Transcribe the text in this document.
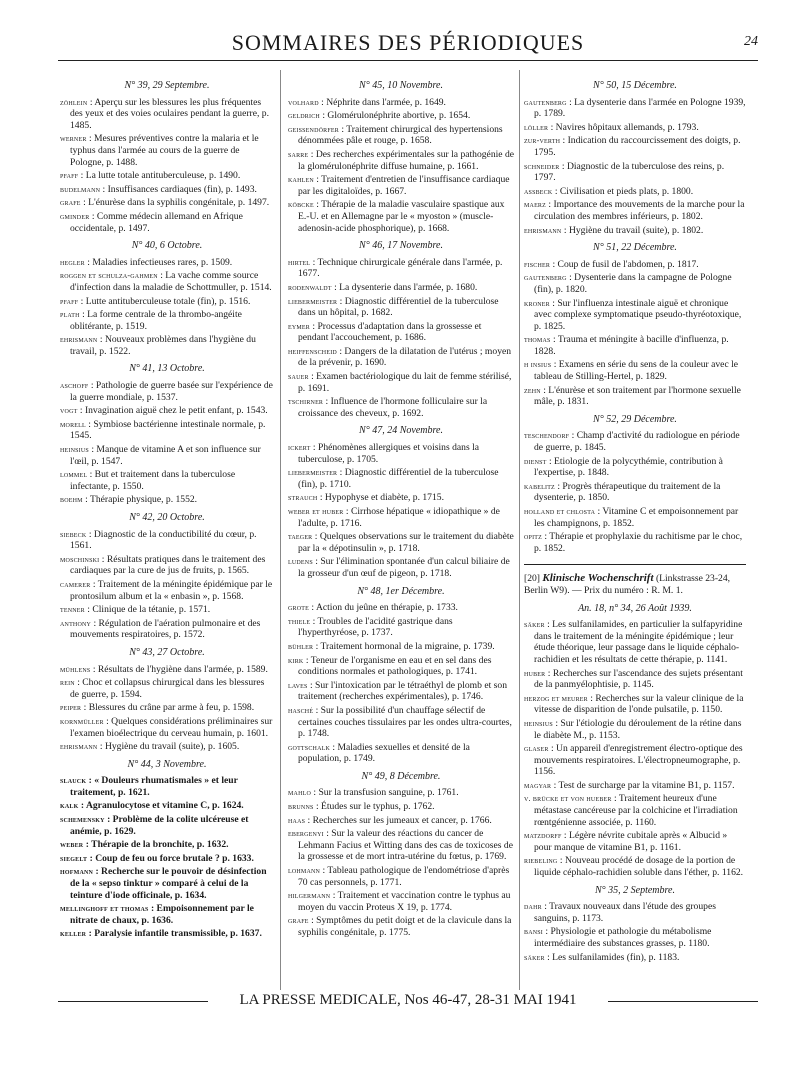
SOMMAIRES DES PÉRIODIQUES	24
N° 39, 29 Septembre.
zöhlein : Aperçu sur les blessures les plus fréquentes des yeux et des voies oculaires pendant la guerre, p. 1485.
werner : Mesures préventives contre la malaria et le typhus dans l'armée au cours de la guerre de Pologne, p. 1488.
pfaff : La lutte totale antituberculeuse, p. 1490.
budelmann : Insuffisances cardiaques (fin), p. 1493.
grafe : L'énurèse dans la syphilis congénitale, p. 1497.
gminder : Comme médecin allemand en Afrique occidentale, p. 1497.
N° 40, 6 Octobre.
hegler : Maladies infectieuses rares, p. 1509.
roggen et schulza-gahmen : La vache comme source d'infection dans la maladie de Schottmuller, p. 1514.
pfaff : Lutte antituberculeuse totale (fin), p. 1516.
plath : La forme centrale de la thrombo-angéite oblitérante, p. 1519.
ehrismann : Nouveaux problèmes dans l'hygiène du travail, p. 1522.
N° 41, 13 Octobre.
aschoff : Pathologie de guerre basée sur l'expérience de la guerre mondiale, p. 1537.
vogt : Invagination aiguë chez le petit enfant, p. 1543.
morell : Symbiose bactérienne intestinale normale, p. 1545.
heinsius : Manque de vitamine A et son influence sur l'œil, p. 1547.
lommel : But et traitement dans la tuberculose infectante, p. 1550.
boehm : Thérapie physique, p. 1552.
N° 42, 20 Octobre.
siebeck : Diagnostic de la conductibilité du cœur, p. 1561.
moschinski : Résultats pratiques dans le traitement des cardiaques par la cure de jus de fruits, p. 1565.
camerer : Traitement de la méningite épidémique par le prontosilum album et la « enbasin », p. 1568.
tenner : Clinique de la tétanie, p. 1571.
anthony : Régulation de l'aération pulmonaire et des mouvements respiratoires, p. 1572.
N° 43, 27 Octobre.
mühlens : Résultats de l'hygiène dans l'armée, p. 1589.
rein : Choc et collapsus chirurgical dans les blessures de guerre, p. 1594.
peiper : Blessures du crâne par arme à feu, p. 1598.
kornmüller : Quelques considérations préliminaires sur l'examen bioélectrique du cerveau humain, p. 1601.
ehrismann : Hygiène du travail (suite), p. 1605.
N° 44, 3 Novembre.
slauck : « Douleurs rhumatismales » et leur traitement, p. 1621.
kalk : Agranulocytose et vitamine C, p. 1624.
schemensky : Problème de la colite ulcéreuse et anémie, p. 1629.
weber : Thérapie de la bronchite, p. 1632.
siegelt : Coup de feu ou force brutale ? p. 1633.
hofmann : Recherche sur le pouvoir de désinfection de la « sepso tinktur » comparé à celui de la teinture d'iode officinale, p. 1634.
mellinghoff et thomas : Empoisonnement par le nitrate de chaux, p. 1636.
keller : Paralysie infantile transmissible, p. 1637.
N° 45, 10 Novembre.
volhard : Néphrite dans l'armée, p. 1649.
geldrich : Glomérulonéphrite abortive, p. 1654.
geissendörfer : Traitement chirurgical des hypertensions dénommées pâle et rouge, p. 1658.
sarre : Des recherches expérimentales sur la pathogénie de la glomérulonéphrite diffuse humaine, p. 1661.
kahlen : Traitement d'entretien de l'insuffisance cardiaque par les digitaloïdes, p. 1667.
köbcke : Thérapie de la maladie vasculaire spastique aux E.-U. et en Allemagne par le « myoston » (muscle-adenosin-acide phosphorique), p. 1668.
N° 46, 17 Novembre.
hirtel : Technique chirurgicale générale dans l'armée, p. 1677.
rodenwaldt : La dysenterie dans l'armée, p. 1680.
liebermeister : Diagnostic différentiel de la tuberculose dans un hôpital, p. 1682.
eymer : Processus d'adaptation dans la grossesse et pendant l'accouchement, p. 1686.
heiffenscheid : Dangers de la dilatation de l'utérus ; moyen de la prévenir, p. 1690.
sauer : Examen bactériologique du lait de femme stérilisé, p. 1691.
tschirner : Influence de l'hormone folliculaire sur la croissance des cheveux, p. 1692.
N° 47, 24 Novembre.
ickert : Phénomènes allergiques et voisins dans la tuberculose, p. 1705.
liebermeister : Diagnostic différentiel de la tuberculose (fin), p. 1710.
strauch : Hypophyse et diabète, p. 1715.
weber et huber : Cirrhose hépatique « idiopathique » de l'adulte, p. 1716.
taeger : Quelques observations sur le traitement du diabète par la « dépotinsulin », p. 1718.
ludens : Sur l'élimination spontanée d'un calcul biliaire de la grosseur d'un œuf de pigeon, p. 1718.
N° 48, 1er Décembre.
grote : Action du jeûne en thérapie, p. 1733.
thiele : Troubles de l'acidité gastrique dans l'hyperthyréose, p. 1737.
bühler : Traitement hormonal de la migraine, p. 1739.
kirk : Teneur de l'organisme en eau et en sel dans des conditions normales et pathologiques, p. 1741.
laves : Sur l'intoxication par le tétraéthyl de plomb et son traitement (recherches expérimentales), p. 1746.
hasché : Sur la possibilité d'un chauffage sélectif de certaines couches tissulaires par les ondes ultra-courtes, p. 1748.
gottschalk : Maladies sexuelles et densité de la population, p. 1749.
N° 49, 8 Décembre.
mahlo : Sur la transfusion sanguine, p. 1761.
brunns : Études sur le typhus, p. 1762.
haas : Recherches sur les jumeaux et cancer, p. 1766.
ebergenyi : Sur la valeur des réactions du cancer de Lehmann Facius et Witting dans des cas de toxicoses de la grossesse et de mort intra-utérine du fœtus, p. 1769.
lohmann : Tableau pathologique de l'endométriose d'après 70 cas personnels, p. 1771.
hilgermann : Traitement et vaccination contre le typhus au moyen du vaccin Proteus X 19, p. 1774.
grafe : Symptômes du petit doigt et de la clavicule dans la syphilis congénitale, p. 1775.
N° 50, 15 Décembre.
gautenberg : La dysenterie dans l'armée en Pologne 1939, p. 1789.
löller : Navires hôpitaux allemands, p. 1793.
zur-verth : Indication du raccourcissement des doigts, p. 1795.
schneider : Diagnostic de la tuberculose des reins, p. 1797.
assbeck : Civilisation et pieds plats, p. 1800.
maerz : Importance des mouvements de la marche pour la circulation des membres inférieurs, p. 1802.
ehrismann : Hygiène du travail (suite), p. 1802.
N° 51, 22 Décembre.
fischer : Coup de fusil de l'abdomen, p. 1817.
gautenberg : Dysenterie dans la campagne de Pologne (fin), p. 1820.
kroner : Sur l'influenza intestinale aiguë et chronique avec complexe symptomatique pseudo-thyréotoxique, p. 1825.
thomas : Trauma et méningite à bacille d'influenza, p. 1828.
h insius : Examens en série du sens de la couleur avec le tableau de Stilling-Hertel, p. 1829.
zehn : L'énurèse et son traitement par l'hormone sexuelle mâle, p. 1831.
N° 52, 29 Décembre.
teschendorf : Champ d'activité du radiologue en période de guerre, p. 1845.
dienst : Etiologie de la polycythémie, contribution à l'expertise, p. 1848.
kabelitz : Progrès thérapeutique du traitement de la dysenterie, p. 1850.
holland et chlosta : Vitamine C et empoisonnement par les champignons, p. 1852.
opitz : Thérapie et prophylaxie du rachitisme par le choc, p. 1852.
[20] Klinische Wochenschrift (Linkstrasse 23-24, Berlin W9). — Prix du numéro : R. M. 1.
An. 18, n° 34, 26 Août 1939.
säker : Les sulfanilamides, en particulier la sulfapyridine dans le traitement de la méningite épidémique ; leur étude théorique, leur passage dans le liquide céphalo-rachidien et les résultats de cette thérapie, p. 1141.
huber : Recherches sur l'ascendance des sujets présentant de la panmyélophtisie, p. 1145.
herzog et meurer : Recherches sur la valeur clinique de la vitesse de disparition de l'onde pulsatile, p. 1150.
heinsius : Sur l'étiologie du déroulement de la rétine dans le diabète M., p. 1153.
glaser : Un appareil d'enregistrement électro-optique des mouvements respiratoires. L'électropneumographe, p. 1156.
magyar : Test de surcharge par la vitamine B1, p. 1157.
v. brücke et von hueber : Traitement heureux d'une métastase cancéreuse par la colchicine et l'irradiation rœntgénienne associée, p. 1160.
matzdorff : Légère névrite cubitale après « Albucid » pour manque de vitamine B1, p. 1161.
riebeling : Nouveau procédé de dosage de la portion de liquide céphalo-rachidien soluble dans l'éther, p. 1162.
N° 35, 2 Septembre.
dahr : Travaux nouveaux dans l'étude des groupes sanguins, p. 1173.
bansi : Physiologie et pathologie du métabolisme intermédiaire des substances grasses, p. 1180.
säker : Les sulfanilamides (fin), p. 1183.
LA PRESSE MEDICALE, Nos 46-47, 28-31 MAI 1941
